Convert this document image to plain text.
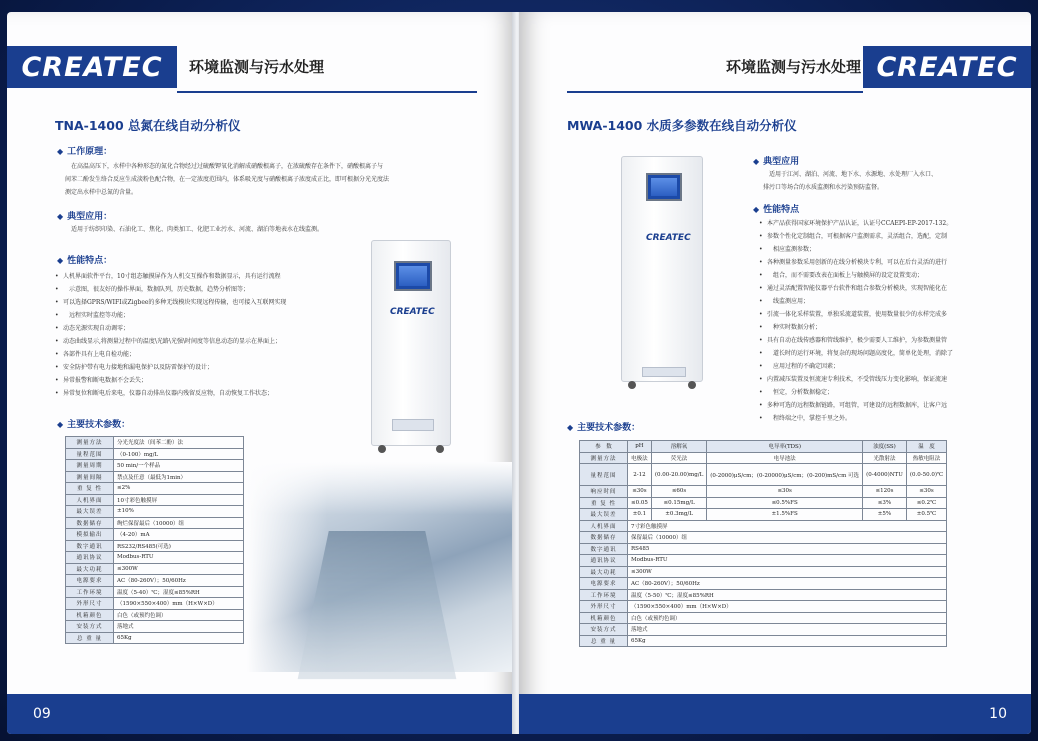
CREATEC 环境监测与污水处理
TNA-1400 总氮在线自动分析仪
◆ 工作原理：
在高温高压下，水样中各种形态的氮化合物经过过硫酸钾氧化消解成硝酸根离子，在浓硫酸存在条件下，硝酸根离子与
间苯二酚发生络合反应生成淡粉色配合物，在一定浓度范围内，体系吸光度与硝酸根离子浓度成正比，即可根据分光光度法
测定出水样中总氮的含量。
◆ 典型应用：
适用于纺织印染、石油化工、焦化、肉类加工、化肥工业污水、河流、湖泊等地表水在线监测。
◆ 性能特点：
• 人机界面软件平台，10寸组态触摸屏作为人机交互操作和数据显示，具有运行流程
• 示意图，很友好的操作界面，数据队列，历史数据，趋势分析图等；
• 可以选择GPRS/WIFI或Zigbee的多种无线模块实现远程传输，也可接入互联网实现
• 远程实时监控等功能；
• 动态光源实现自动调零；
• 动态曲线显示,将测量过程中的温度\光路\光强\时间度等信息动态的显示在界面上；
• 各部件具有上电自检功能；
• 安全防护带有电力接地和漏电保护以及防雷保护的设计；
• 异常报警和断电数据不会丢失；
• 异常复位和断电后来电，仪器自动排出仪器内残留反应物，自动恢复工作状态；
CREATEC
◆ 主要技术参数：
测量方法	分光光度法（间苯二酚）法
量程范围	（0-100）mg/L
测量周期	50 min/一个样品
测量间隔	禁点及任意（最低为1min）
重 复 性	≤2%
人机界面	10寸彩色触摸屏
最大误差	±10%
数据储存	绚烂保留最后（10000）组
模拟输出	（4-20）mA
数字通讯	RS232/RS485(可选)
通讯协议	Modbus-RTU
最大功耗	≤300W
电源要求	AC（80-260V）；50/60Hz
工作环境	温度（5-40）℃；湿度≤85%RH
外形尺寸	（1590×550×400）mm（H×W×D）
机箱颜色	白色（或预约色调）
安装方式	落地式
总 重 量	65Kg
09
环境监测与污水处理 CREATEC
MWA-1400 水质多参数在线自动分析仪
CREATEC
◆ 典型应用
适用于江河、湖泊、河流、地下水、水源地、水处理厂入水口、
排污口等场合的水质监测和水污染预防监督。
◆ 性能特点
• 本产品获得国家环境保护产品认证，认证号CCAEPI-EP-2017-132。
• 参数个性化定制组合，可根据客户监测需求，灵活组合，选配，定制
• 相应监测参数；
• 各种测量参数采用创新的在线分析模块专利，可以在后台灵活的进行
• 组合，而不需要改表在面板上与触摸屏的设定设置变动；
• 通过灵活配置智能仪器平台软件和组合参数分析模块，实现智能化在
• 线监测应用；
• 引流一体化采样装置，单独采流道装置，使用数量很少的水样完成多
• 种实时数据分析；
• 具有自动在线传感器和管线维护，极少需要人工维护，为参数测量管
• 道长时的运行环境，将复杂的现场问题高度化，简单化处理，消除了
• 应用过程的不确定因素；
• 内置减压装置及恒流速专利技术，不受管线压力变化影响，保证流速
• 恒定，分析数据稳定；
• 多种可选的远程数据链路，可组管，可建设的远程数据库，让客户远
• 程终端之中，掌控千里之外。
◆ 主要技术参数：
参　数	pH	溶解氧	电导率(TDS)	浊度(SS)	温　度
测量方法	电极法	荧光法	电导池法	光散射法	热敏电阻法
量程范围	2-12	(0.00-20.00)mg/L	(0-2000)μS/cm；(0-20000)μS/cm；(0-200)mS/cm 可选	(0-4000)NTU	(0.0-50.0)℃
响应时间	≤30s	≤60s	≤30s	≤120s	≤30s
重 复 性	≤0.05	≤0.15mg/L	≤0.5%FS	≤3%	≤0.2℃
最大误差	±0.1	±0.3mg/L	±1.5%FS	±5%	±0.5℃
人机界面	7寸彩色触摸屏				
数据储存	保留最后（10000）组				
数字通讯	RS485				
通讯协议	Modbus-RTU				
最大功耗	≤300W				
电源要求	AC（80-260V）；50/60Hz				
工作环境	温度（5-50）℃；湿度≤85%RH				
外形尺寸	（1590×550×400）mm（H×W×D）				
机箱颜色	白色（或预约色调）				
安装方式	落地式				
总 重 量	65Kg				
10
